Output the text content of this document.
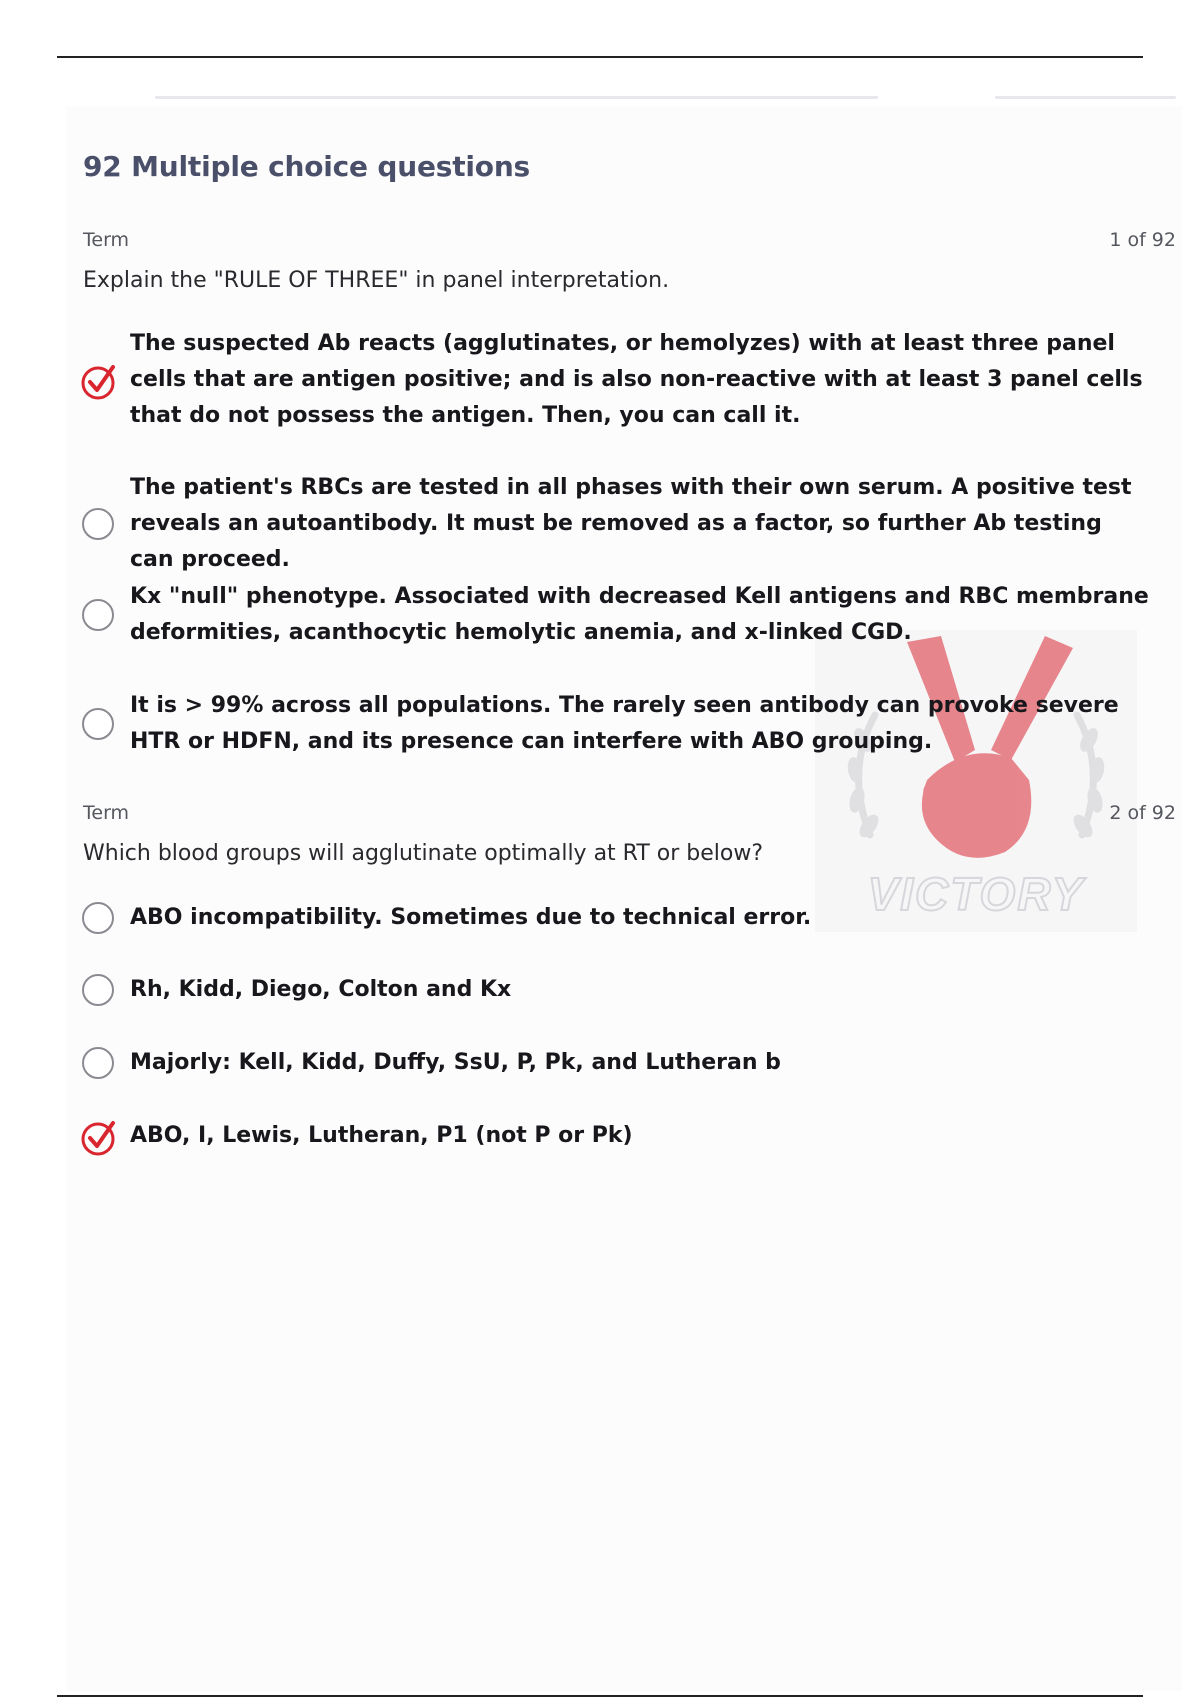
VICTORY
92 Multiple choice questions
Term	1 of 92
Explain the "RULE OF THREE" in panel interpretation.
The suspected Ab reacts (agglutinates, or hemolyzes) with at least three panel cells that are antigen positive; and is also non-reactive with at least 3 panel cells that do not possess the antigen. Then, you can call it.
The patient's RBCs are tested in all phases with their own serum. A positive test reveals an autoantibody. It must be removed as a factor, so further Ab testing can proceed.
Kx "null" phenotype. Associated with decreased Kell antigens and RBC membrane deformities, acanthocytic hemolytic anemia, and x-linked CGD.
It is > 99% across all populations. The rarely seen antibody can provoke severe HTR or HDFN, and its presence can interfere with ABO grouping.
Term	2 of 92
Which blood groups will agglutinate optimally at RT or below?
ABO incompatibility. Sometimes due to technical error.
Rh, Kidd, Diego, Colton and Kx
Majorly: Kell, Kidd, Duffy, SsU, P, Pk, and Lutheran b
ABO, I, Lewis, Lutheran, P1 (not P or Pk)
